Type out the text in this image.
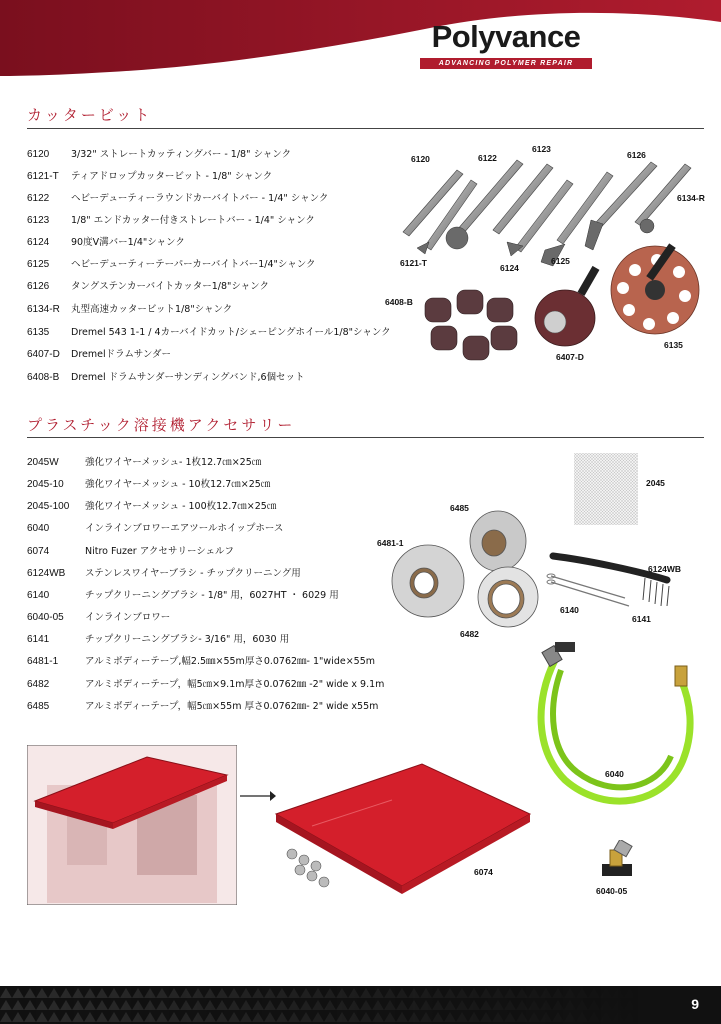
Polyvance
ADVANCING POLYMER REPAIR
カッタービット
6120 3/32" ストレートカッティングバー - 1/8" シャンク
6121-T ティアドロップカッタービット - 1/8" シャンク
6122 ヘビーデューティーラウンドカーバイトバー - 1/4" シャンク
6123 1/8" エンドカッター付きストレートバー - 1/4" シャンク
6124 90度V溝バー1/4"シャンク
6125 ヘビーデューティーテーパーカーバイトバー1/4"シャンク
6126 タングステンカーバイトカッター1/8"シャンク
6134-R 丸型高速カッタービット1/8"シャンク
6135 Dremel 543 1-1 / 4カーバイドカット/シェーピングホイール1/8"シャンク
6407-D Dremelドラムサンダー
6408-B Dremel ドラムサンダーサンディングバンド,6個セット
6120	6122
6123
6126
6134-R
6121-T	6124
6125
6408-B
6407-D
6135
プラスチック溶接機アクセサリー
2045W	強化ワイヤーメッシュ- 1枚12.7㎝×25㎝
2045-10 強化ワイヤーメッシュ - 10枚12.7㎝×25㎝
2045-100 強化ワイヤーメッシュ - 100枚12.7㎝×25㎝
6040	インラインブロワーエアツールホイップホース
6074	Nitro Fuzer アクセサリーシェルフ
6124WB ステンレスワイヤーブラシ - チップクリーニング用
6140	チップクリーニングブラシ - 1/8" 用，6027HT ・ 6029 用
6040-05 インラインブロワー
6141	チップクリーニングブラシ- 3/16" 用，6030 用
6481-1	アルミボディーテープ,幅2.5㎜×55m厚さ0.0762㎜- 1"wide×55m
6482	アルミボディーテープ，幅5㎝×9.1m厚さ0.0762㎜ -2" wide x 9.1m
6485	アルミボディーテープ，幅5㎝×55m 厚さ0.0762㎜- 2" wide x55m
2045
6485
6481-1
6482
6124WB
6140
6141
6040
6074
6040-05
9
